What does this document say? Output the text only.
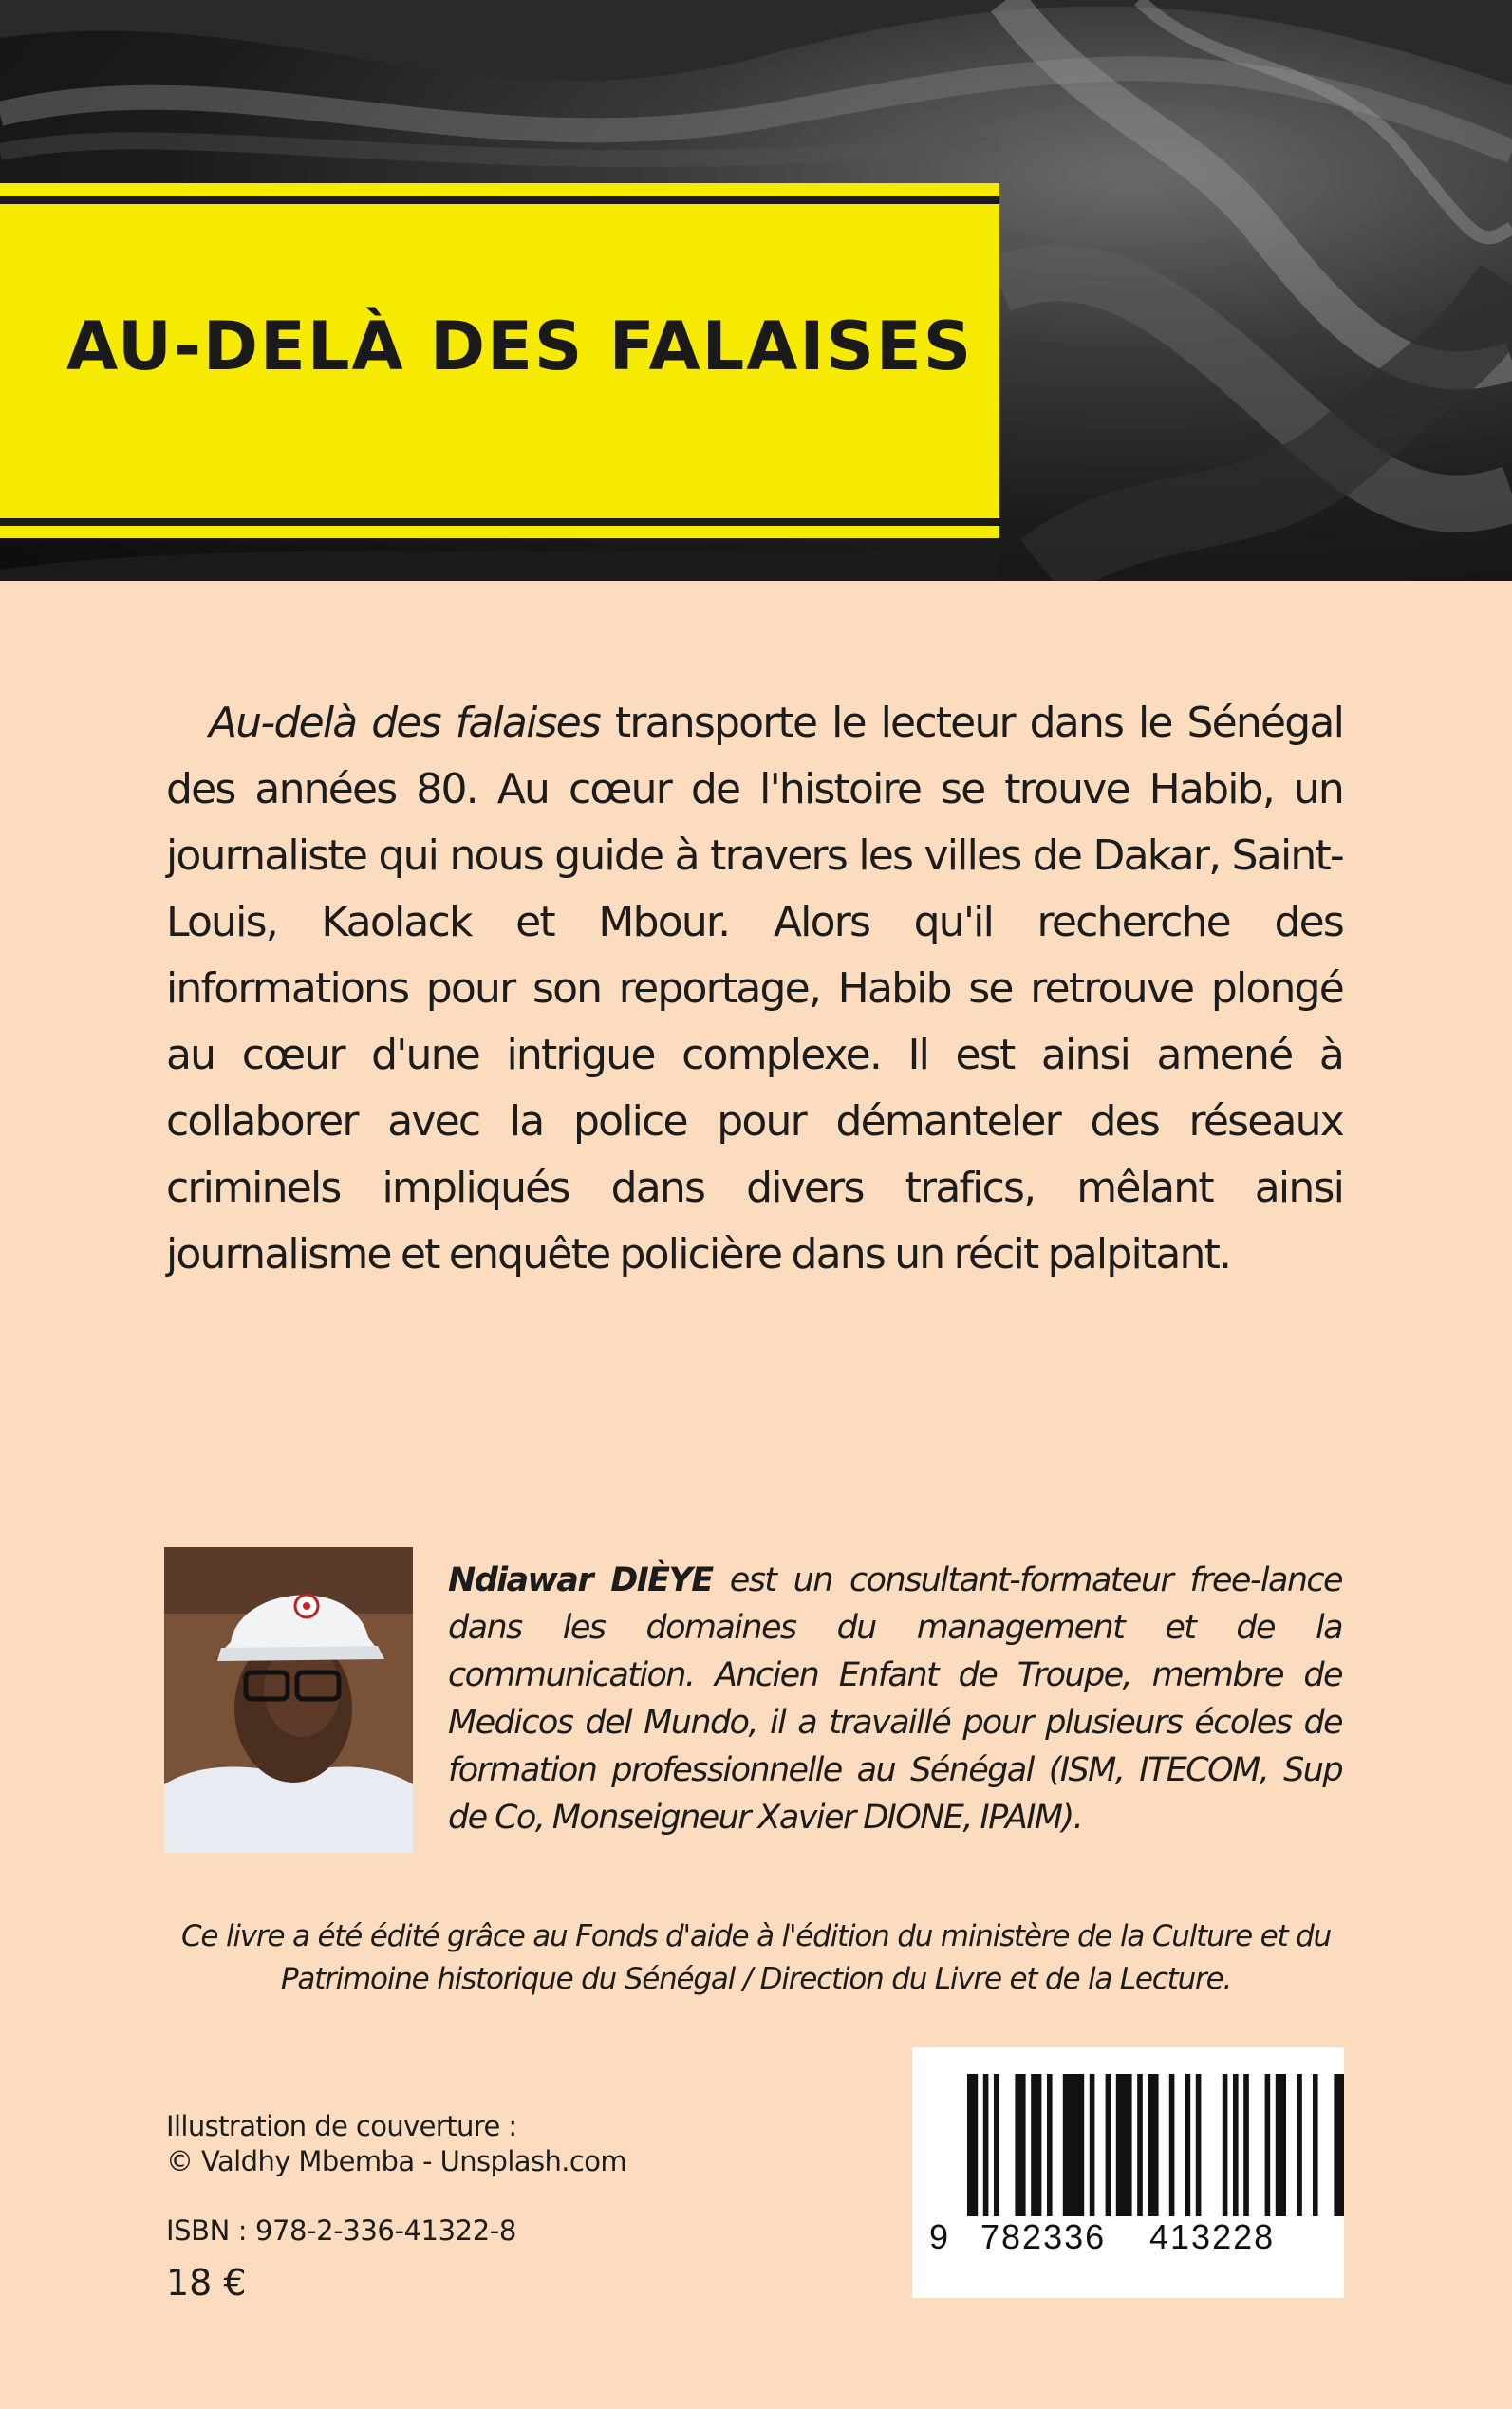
AU-DELÀ DES FALAISES

Au-delà des falaises transporte le lecteur dans le Sénégal des années 80. Au cœur de l'histoire se trouve Habib, un journaliste qui nous guide à travers les villes de Dakar, Saint-Louis, Kaolack et Mbour. Alors qu'il recherche des informations pour son reportage, Habib se retrouve plongé au cœur d'une intrigue complexe. Il est ainsi amené à collaborer avec la police pour démanteler des réseaux criminels impliqués dans divers trafics, mêlant ainsi journalisme et enquête policière dans un récit palpitant.

Ndiawar DIÈYE est un consultant-formateur free-lance dans les domaines du management et de la communication. Ancien Enfant de Troupe, membre de Medicos del Mundo, il a travaillé pour plusieurs écoles de formation professionnelle au Sénégal (ISM, ITECOM, Sup de Co, Monseigneur Xavier DIONE, IPAIM).

Ce livre a été édité grâce au Fonds d'aide à l'édition du ministère de la Culture et du Patrimoine historique du Sénégal / Direction du Livre et de la Lecture.

Illustration de couverture :
© Valdhy Mbemba - Unsplash.com
ISBN : 978-2-336-41322-8
18 €
9 782336 413228
